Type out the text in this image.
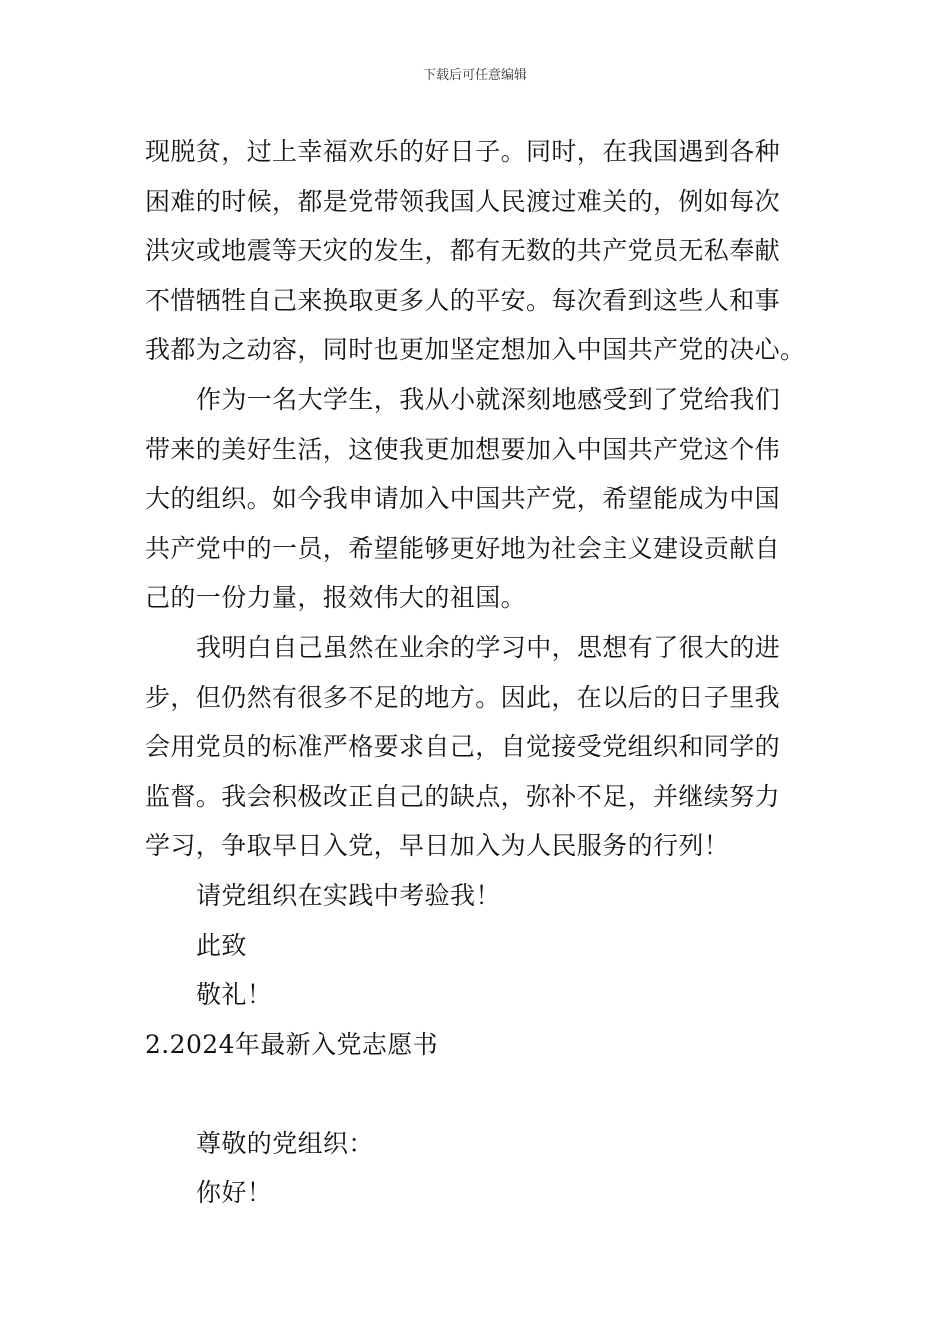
下载后可任意编辑
现脱贫，过上幸福欢乐的好日子。同时，在我国遇到各种
困难的时候，都是党带领我国人民渡过难关的，例如每次
洪灾或地震等天灾的发生，都有无数的共产党员无私奉献
不惜牺牲自己来换取更多人的平安。每次看到这些人和事
我都为之动容，同时也更加坚定想加入中国共产党的决心。
作为一名大学生，我从小就深刻地感受到了党给我们
带来的美好生活，这使我更加想要加入中国共产党这个伟
大的组织。如今我申请加入中国共产党，希望能成为中国
共产党中的一员，希望能够更好地为社会主义建设贡献自
己的一份力量，报效伟大的祖国。
我明白自己虽然在业余的学习中，思想有了很大的进
步，但仍然有很多不足的地方。因此，在以后的日子里我
会用党员的标准严格要求自己，自觉接受党组织和同学的
监督。我会积极改正自己的缺点，弥补不足，并继续努力
学习，争取早日入党，早日加入为人民服务的行列！
请党组织在实践中考验我！
此致
敬礼！
2.2024年最新入党志愿书
尊敬的党组织：
你好！
